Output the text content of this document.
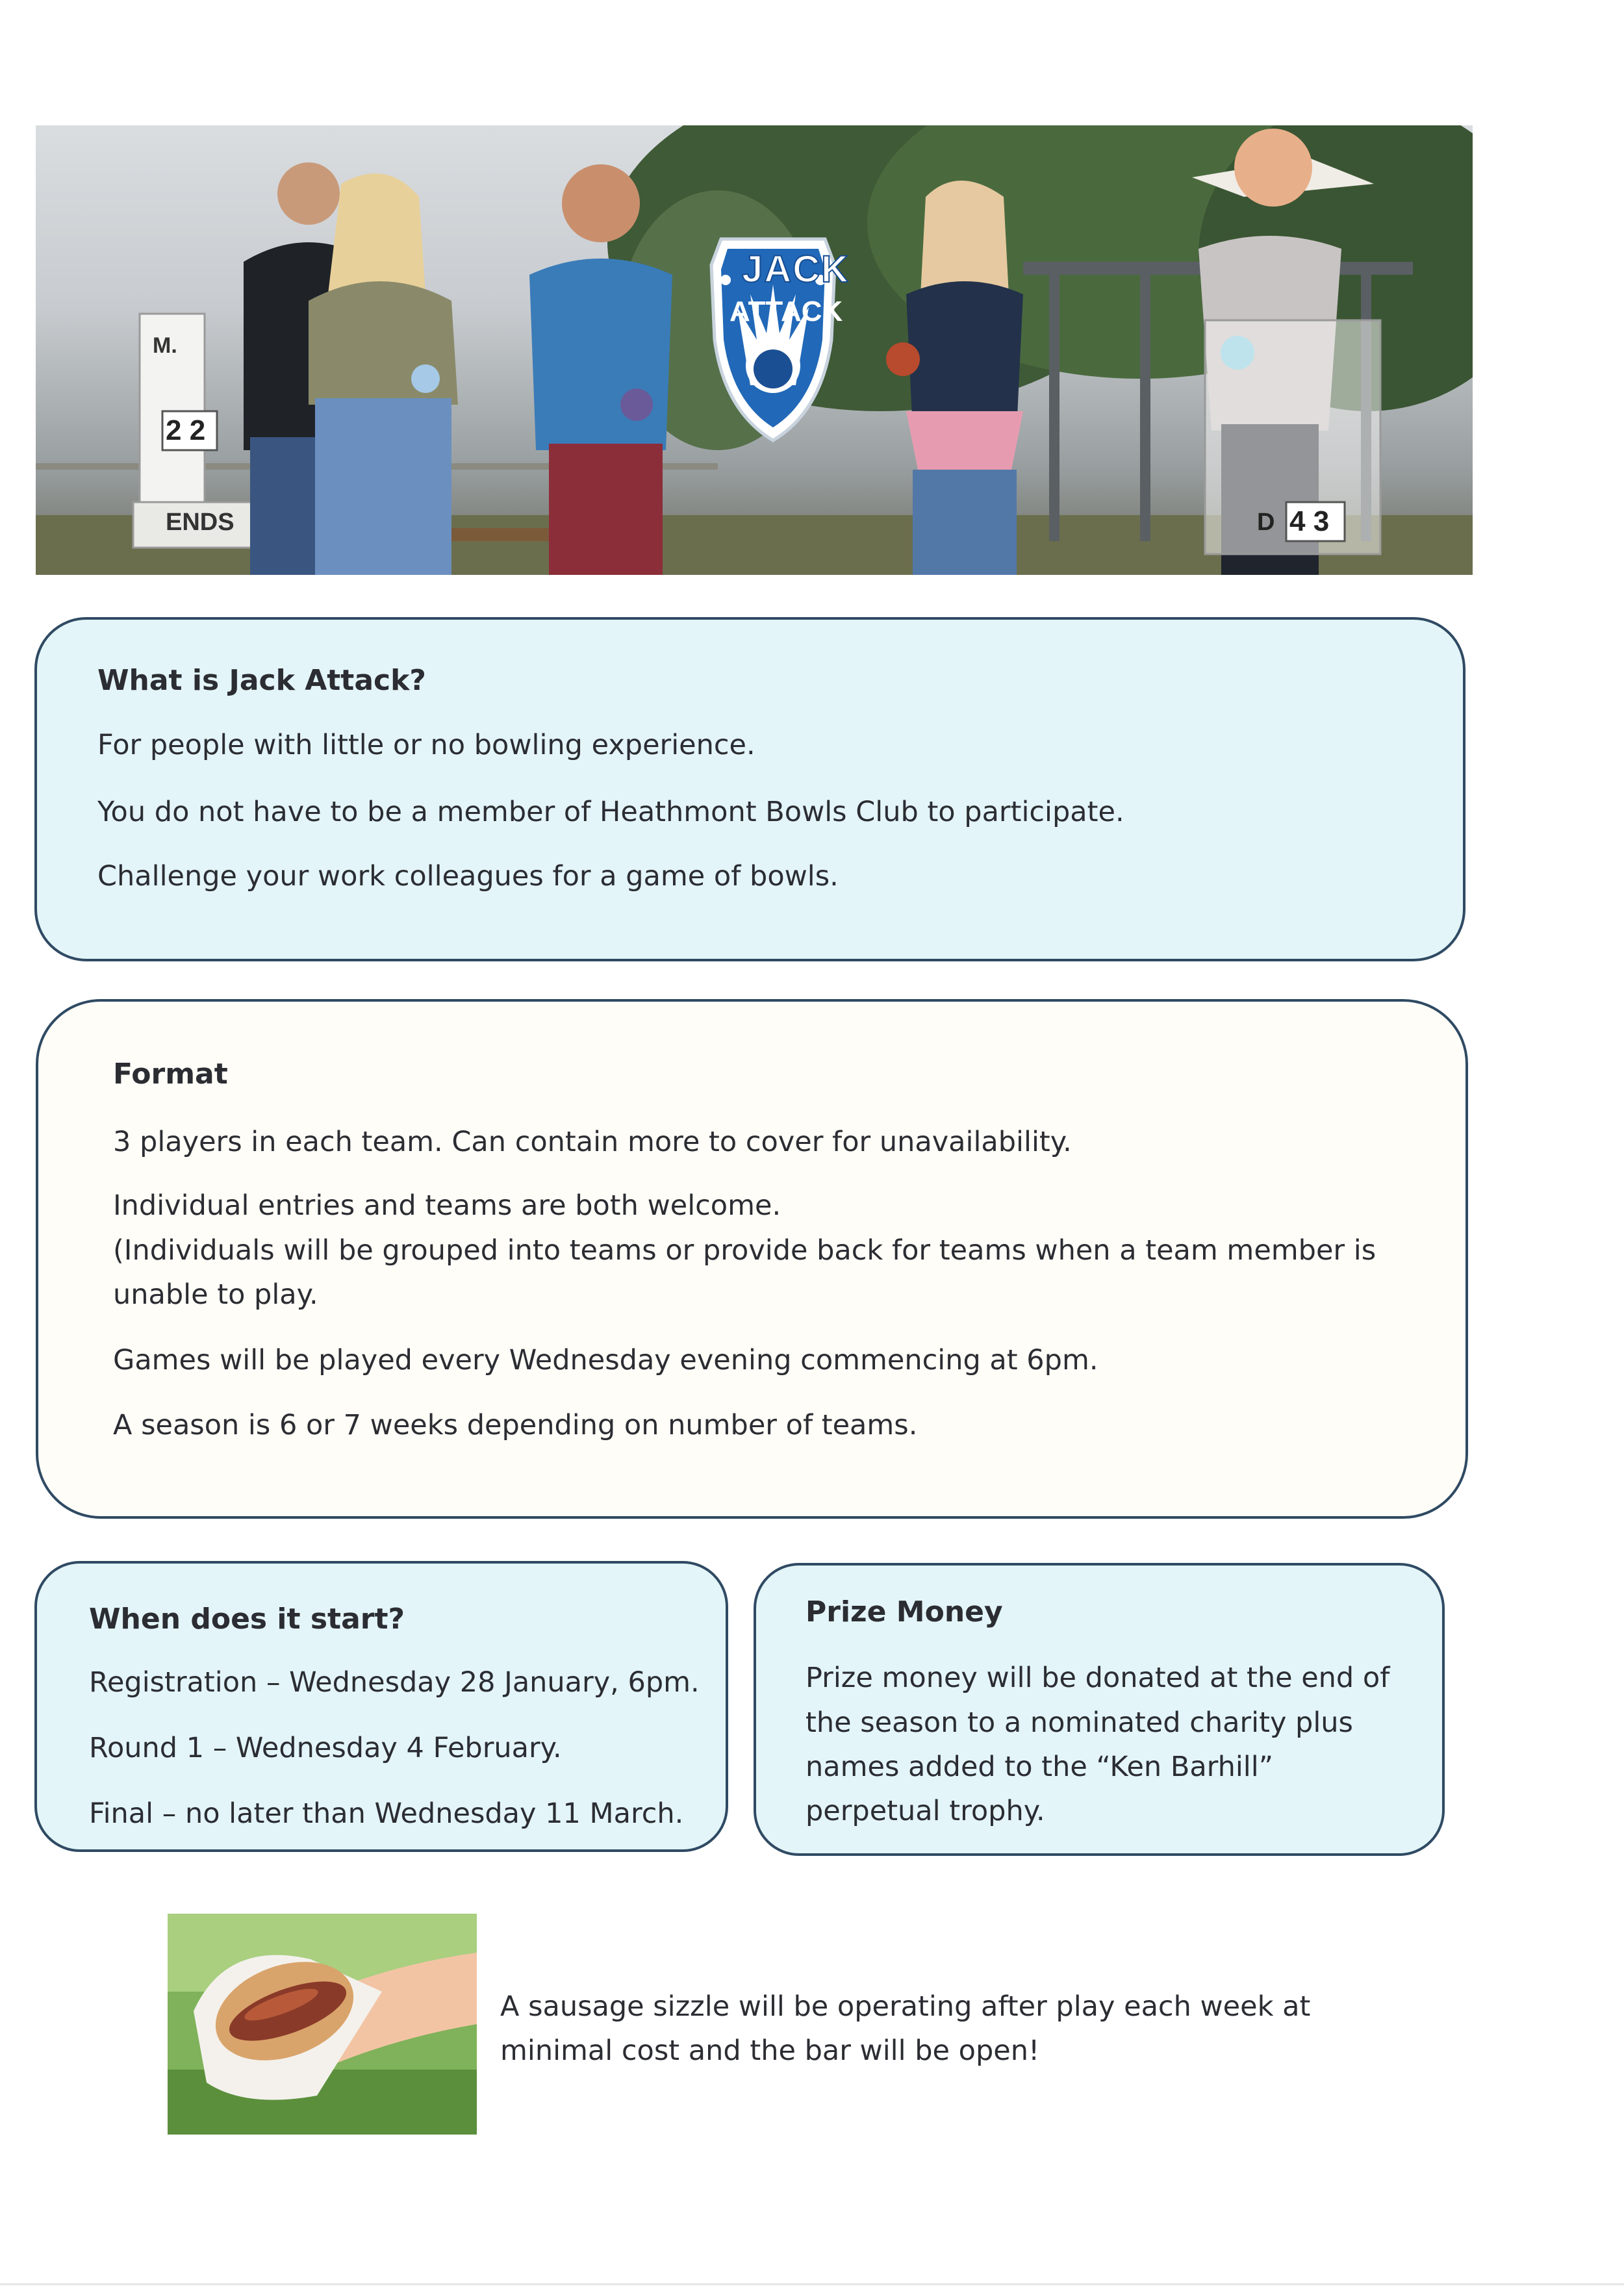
JACK
ATTACK
M.
2 2
ENDS	4 3
D
What is Jack Attack?
For people with little or no bowling experience.
You do not have to be a member of Heathmont Bowls Club to participate.
Challenge your work colleagues for a game of bowls.
Format
3 players in each team. Can contain more to cover for unavailability.
Individual entries and teams are both welcome.
(Individuals will be grouped into teams or provide back for teams when a team member is
unable to play.
Games will be played every Wednesday evening commencing at 6pm.
A season is 6 or 7 weeks depending on number of teams.
When does it start?
Registration – Wednesday 28 January, 6pm.
Round 1 – Wednesday 4 February.
Final – no later than Wednesday 11 March.
Prize Money
Prize money will be donated at the end of
the season to a nominated charity plus
names added to the “Ken Barhill”
perpetual trophy.
A sausage sizzle will be operating after play each week at minimal cost and the bar will be open!
